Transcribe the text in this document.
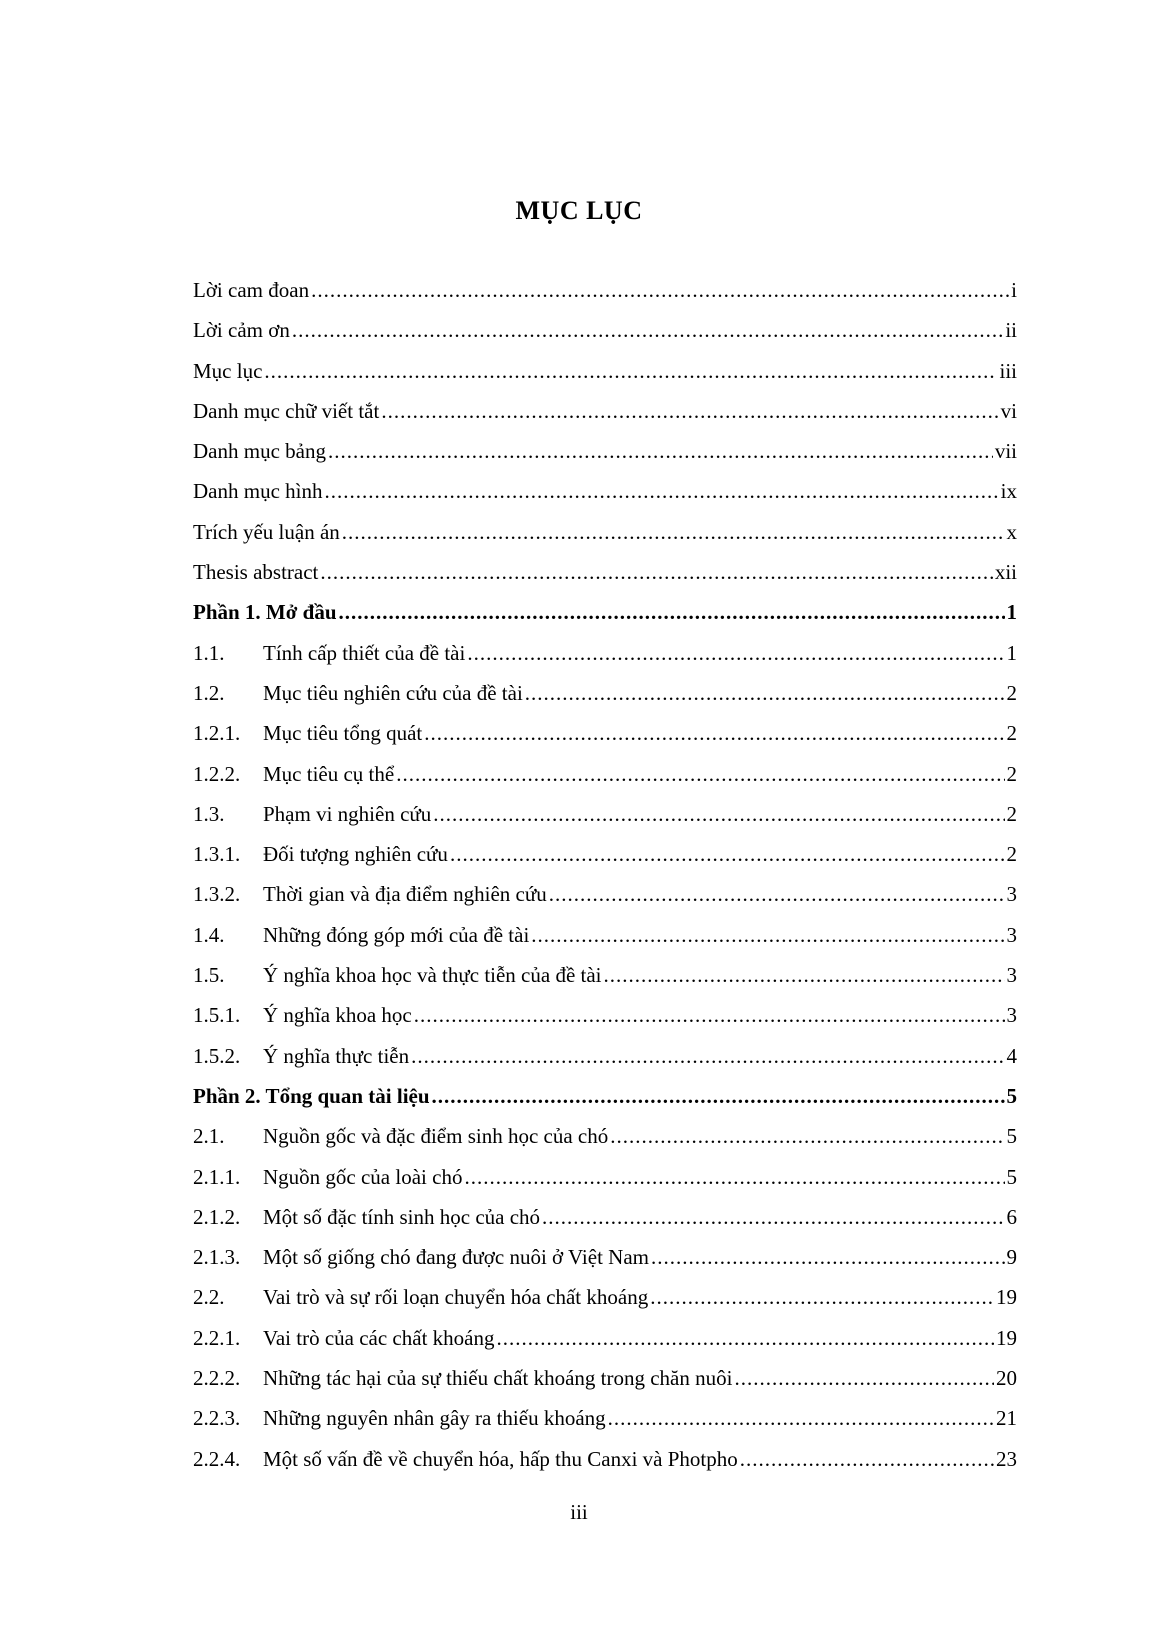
MỤC LỤC
Lời cam đoan .....	i
Lời cảm ơn .....	ii
Mục lục .....	iii
Danh mục chữ viết tắt .....	vi
Danh mục bảng .....	vii
Danh mục hình .....	ix
Trích yếu luận án .....	x
Thesis abstract .....	xii
Phần 1. Mở đầu .....	1
1.1.	Tính cấp thiết của đề tài .....	1
1.2.	Mục tiêu nghiên cứu của đề tài .....	2
1.2.1.	Mục tiêu tổng quát .....	2
1.2.2.	Mục tiêu cụ thể .....	2
1.3.	Phạm vi nghiên cứu .....	2
1.3.1.	Đối tượng nghiên cứu .....	2
1.3.2.	Thời gian và địa điểm nghiên cứu .....	3
1.4.	Những đóng góp mới của đề tài .....	3
1.5.	Ý nghĩa khoa học và thực tiễn của đề tài .....	3
1.5.1.	Ý nghĩa khoa học .....	3
1.5.2.	Ý nghĩa thực tiễn .....	4
Phần 2. Tổng quan tài liệu .....	5
2.1.	Nguồn gốc và đặc điểm sinh học của chó .....	5
2.1.1.	Nguồn gốc của loài chó .....	5
2.1.2.	Một số đặc tính sinh học của chó .....	6
2.1.3.	Một số giống chó đang được nuôi ở Việt Nam .....	9
2.2.	Vai trò và sự rối loạn chuyển hóa chất khoáng .....	19
2.2.1.	Vai trò của các chất khoáng .....	19
2.2.2.	Những tác hại của sự thiếu chất khoáng trong chăn nuôi .....	20
2.2.3.	Những nguyên nhân gây ra thiếu khoáng .....	21
2.2.4.	Một số vấn đề về chuyển hóa, hấp thu Canxi và Photpho .....	23
iii
